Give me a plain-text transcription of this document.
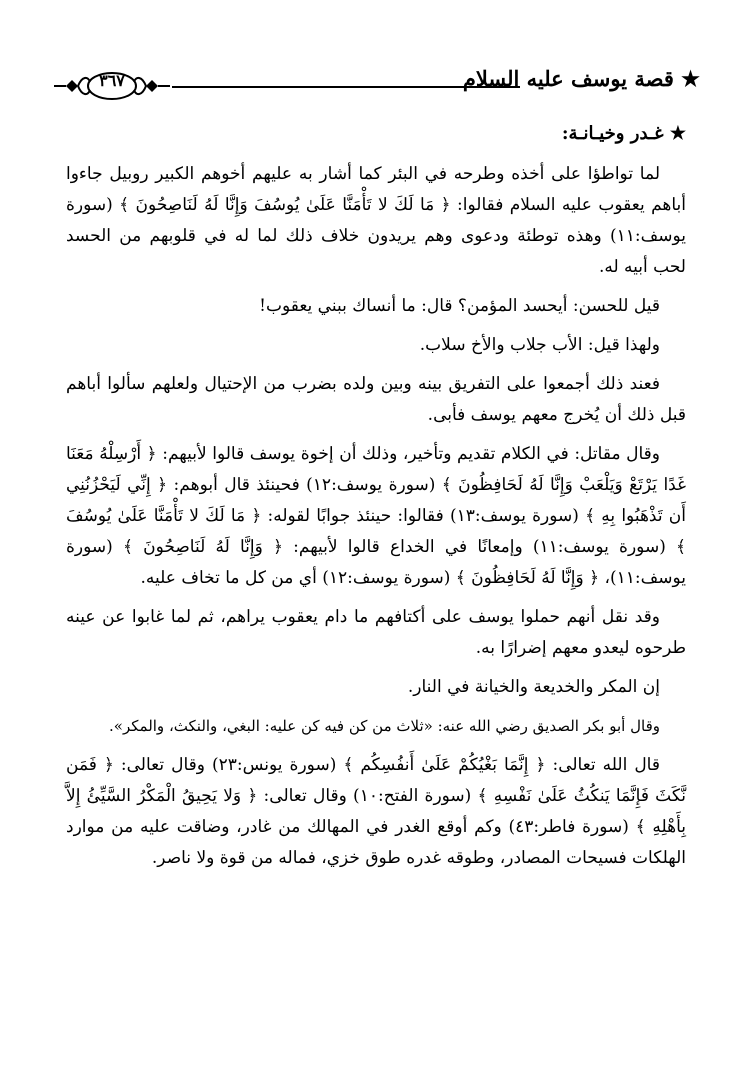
★ قصة يوسف عليه السلام
٣٦٧

★ غـدر وخيـانـة:

لما تواطؤا على أخذه وطرحه في البئر كما أشار به عليهم أخوهم الكبير روبيل جاءوا أباهم يعقوب عليه السلام فقالوا: ﴿ مَا لَكَ لا تَأْمَنَّا عَلَىٰ يُوسُفَ وَإِنَّا لَهُ لَنَاصِحُونَ ﴾ (سورة يوسف:١١) وهذه توطئة ودعوى وهم يريدون خلاف ذلك لما له في قلوبهم من الحسد لحب أبيه له.

قيل للحسن: أيحسد المؤمن؟ قال: ما أنساك ببني يعقوب!

ولهذا قيل: الأب جلاب والأخ سلاب.

فعند ذلك أجمعوا على التفريق بينه وبين ولده بضرب من الإحتيال ولعلهم سألوا أباهم قبل ذلك أن يُخرج معهم يوسف فأبى.

وقال مقاتل: في الكلام تقديم وتأخير، وذلك أن إخوة يوسف قالوا لأبيهم: ﴿ أَرْسِلْهُ مَعَنَا غَدًا يَرْتَعْ وَيَلْعَبْ وَإِنَّا لَهُ لَحَافِظُونَ ﴾ (سورة يوسف:١٢) فحينئذ قال أبوهم: ﴿ إِنِّي لَيَحْزُنُنِي أَن تَذْهَبُوا بِهِ ﴾ (سورة يوسف:١٣) فقالوا: حينئذ جوابًا لقوله: ﴿ مَا لَكَ لا تَأْمَنَّا عَلَىٰ يُوسُفَ ﴾ (سورة يوسف:١١) وإمعانًا في الخداع قالوا لأبيهم: ﴿ وَإِنَّا لَهُ لَنَاصِحُونَ ﴾ (سورة يوسف:١١)، ﴿ وَإِنَّا لَهُ لَحَافِظُونَ ﴾ (سورة يوسف:١٢) أي من كل ما تخاف عليه.

وقد نقل أنهم حملوا يوسف على أكتافهم ما دام يعقوب يراهم، ثم لما غابوا عن عينه طرحوه ليعدو معهم إضرارًا به.

إن المكر والخديعة والخيانة في النار.

وقال أبو بكر الصديق رضي الله عنه: «ثلاث من كن فيه كن عليه: البغي، والنكث، والمكر».

قال الله تعالى: ﴿ إِنَّمَا بَغْيُكُمْ عَلَىٰ أَنفُسِكُم ﴾ (سورة يونس:٢٣) وقال تعالى: ﴿ فَمَن نَّكَثَ فَإِنَّمَا يَنكُثُ عَلَىٰ نَفْسِهِ ﴾ (سورة الفتح:١٠) وقال تعالى: ﴿ وَلا يَحِيقُ الْمَكْرُ السَّيِّئُ إِلاَّ بِأَهْلِهِ ﴾ (سورة فاطر:٤٣) وكم أوقع الغدر في المهالك من غادر، وضاقت عليه من موارد الهلكات فسيحات المصادر، وطوقه غدره طوق خزي، فماله من قوة ولا ناصر.
